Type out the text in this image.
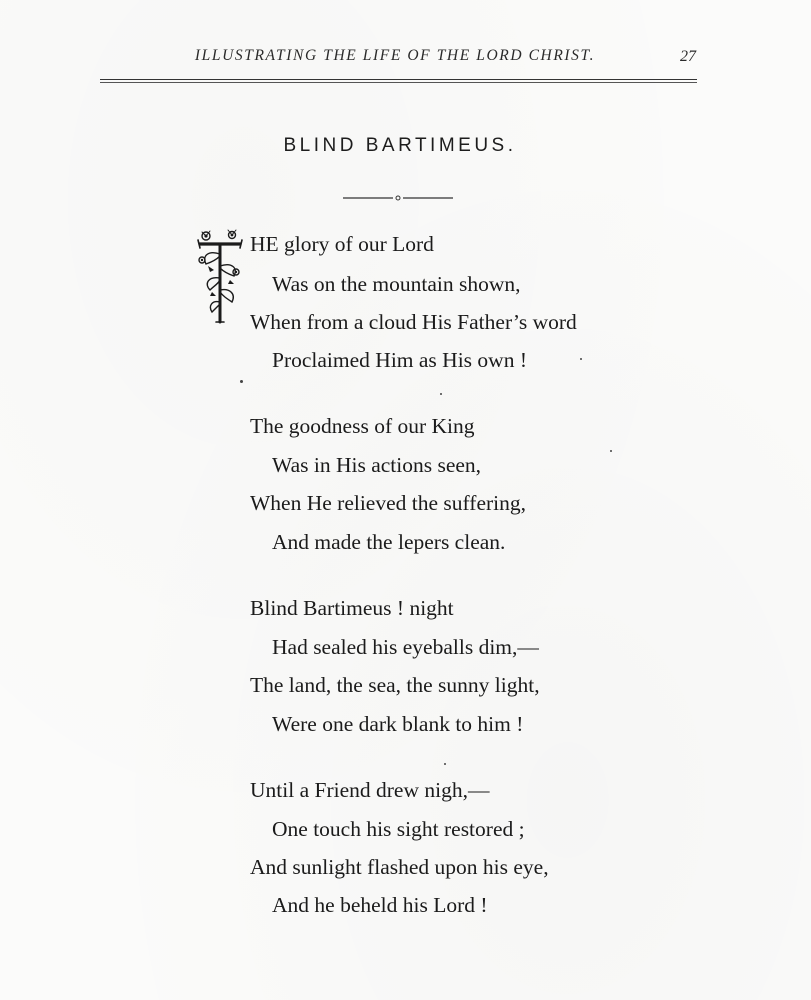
ILLUSTRATING THE LIFE OF THE LORD CHRIST.	27
BLIND BARTIMEUS.
HE glory of our Lord
Was on the mountain shown,
When from a cloud His Father’s word
Proclaimed Him as His own !
The goodness of our King
Was in His actions seen,
When He relieved the suffering,
And made the lepers clean.
Blind Bartimeus ! night
Had sealed his eyeballs dim,—
The land, the sea, the sunny light,
Were one dark blank to him !
Until a Friend drew nigh,—
One touch his sight restored ;
And sunlight flashed upon his eye,
And he beheld his Lord !
